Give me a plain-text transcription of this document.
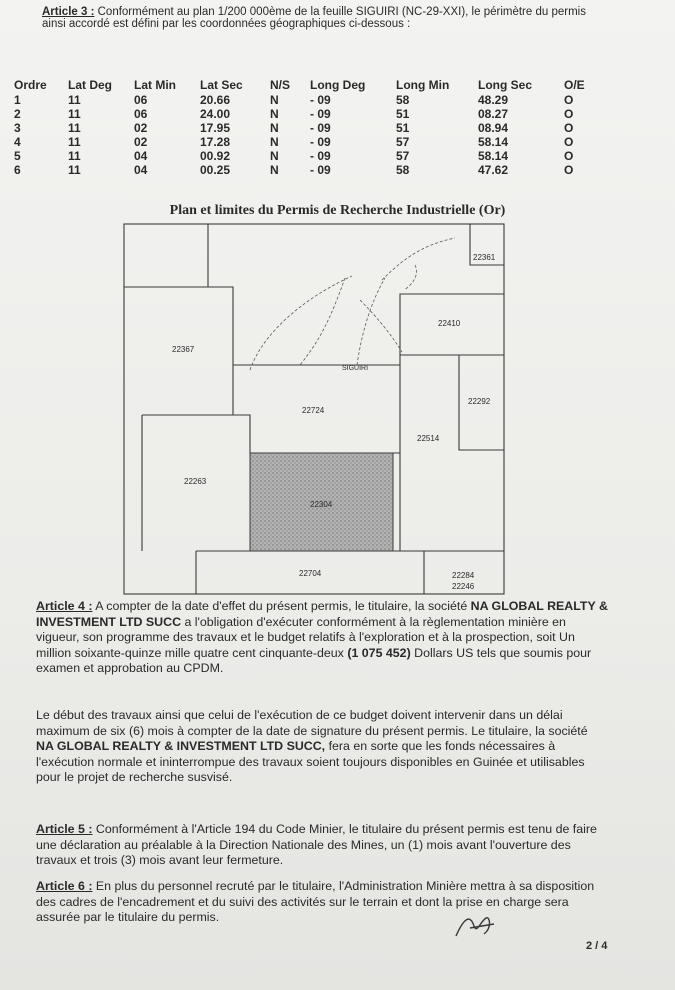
Article 3 : Conformément au plan 1/200 000ème de la feuille SIGUIRI (NC-29-XXI), le périmètre du permis ainsi accordé est défini par les coordonnées géographiques ci-dessous :
Ordre	Lat Deg	Lat Min	Lat Sec	N/S	Long Deg	Long Min	Long Sec	O/E
1	11	06	20.66	N	- 09	58	48.29	O
2	11	06	24.00	N	- 09	51	08.27	O
3	11	02	17.95	N	- 09	51	08.94	O
4	11	02	17.28	N	- 09	57	58.14	O
5	11	04	00.92	N	- 09	57	58.14	O
6	11	04	00.25	N	- 09	58	47.62	O
Plan et limites du Permis de Recherche Industrielle (Or)
22367
22724
22410
22292
22514
22263
22304
22704	22284
22246
22361
SIGUIRI
Article 4 : A compter de la date d'effet du présent permis, le titulaire, la société NA GLOBAL REALTY & INVESTMENT LTD SUCC a l'obligation d'exécuter conformément à la règlementation minière en vigueur, son programme des travaux et le budget relatifs à l'exploration et à la prospection, soit Un million soixante-quinze mille quatre cent cinquante-deux (1 075 452) Dollars US tels que soumis pour examen et approbation au CPDM.
Le début des travaux ainsi que celui de l'exécution de ce budget doivent intervenir dans un délai maximum de six (6) mois à compter de la date de signature du présent permis. Le titulaire, la société NA GLOBAL REALTY & INVESTMENT LTD SUCC, fera en sorte que les fonds nécessaires à l'exécution normale et ininterrompue des travaux soient toujours disponibles en Guinée et utilisables pour le projet de recherche susvisé.
Article 5 : Conformément à l'Article 194 du Code Minier, le titulaire du présent permis est tenu de faire une déclaration au préalable à la Direction Nationale des Mines, un (1) mois avant l'ouverture des travaux et trois (3) mois avant leur fermeture.
Article 6 : En plus du personnel recruté par le titulaire, l'Administration Minière mettra à sa disposition des cadres de l'encadrement et du suivi des activités sur le terrain et dont la prise en charge sera assurée par le titulaire du permis.
2 / 4
